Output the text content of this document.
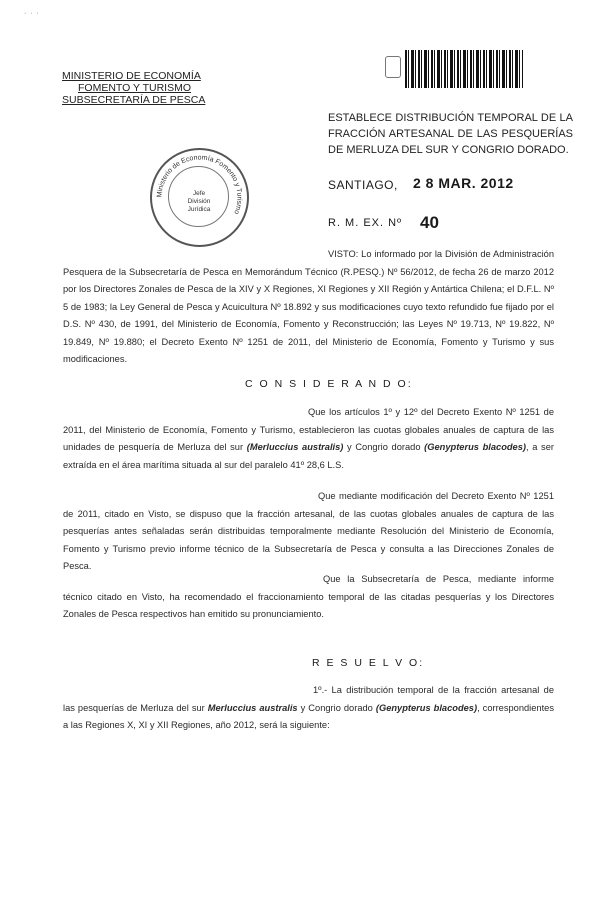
· · ·
MINISTERIO DE ECONOMÍA
FOMENTO Y TURISMO
SUBSECRETARÍA DE PESCA
ESTABLECE DISTRIBUCIÓN TEMPORAL DE LA FRACCIÓN ARTESANAL DE LAS PESQUERÍAS DE MERLUZA DEL SUR Y CONGRIO DORADO.
Ministerio de Economía Fomento y Turismo
Jefe División Jurídica
SANTIAGO, 2 8 MAR. 2012
R. M. EX. Nº 40
VISTO: Lo informado por la División de Administración Pesquera de la Subsecretaría de Pesca en Memorándum Técnico (R.PESQ.) Nº 56/2012, de fecha 26 de marzo 2012 por los Directores Zonales de Pesca de la XIV y X Regiones, XI Regiones y XII Región y Antártica Chilena; el D.F.L. Nº 5 de 1983; la Ley General de Pesca y Acuicultura Nº 18.892 y sus modificaciones cuyo texto refundido fue fijado por el D.S. Nº 430, de 1991, del Ministerio de Economía, Fomento y Reconstrucción; las Leyes Nº 19.713, Nº 19.822, Nº 19.849, Nº 19.880; el Decreto Exento Nº 1251 de 2011, del Ministerio de Economía, Fomento y Turismo y sus modificaciones.
C O N S I D E R A N D O:
Que los artículos 1º y 12º del Decreto Exento Nº 1251 de 2011, del Ministerio de Economía, Fomento y Turismo, establecieron las cuotas globales anuales de captura de las unidades de pesquería de Merluza del sur (Merluccius australis) y Congrio dorado (Genypterus blacodes), a ser extraída en el área marítima situada al sur del paralelo 41º 28,6 L.S.
Que mediante modificación del Decreto Exento Nº 1251 de 2011, citado en Visto, se dispuso que la fracción artesanal, de las cuotas globales anuales de captura de las pesquerías antes señaladas serán distribuidas temporalmente mediante Resolución del Ministerio de Economía, Fomento y Turismo previo informe técnico de la Subsecretaría de Pesca y consulta a las Direcciones Zonales de Pesca.
Que la Subsecretaría de Pesca, mediante informe técnico citado en Visto, ha recomendado el fraccionamiento temporal de las citadas pesquerías y los Directores Zonales de Pesca respectivos han emitido su pronunciamiento.
R E S U E L V O:
1º.- La distribución temporal de la fracción artesanal de las pesquerías de Merluza del sur Merluccius australis y Congrio dorado (Genypterus blacodes), correspondientes a las Regiones X, XI y XII Regiones, año 2012, será la siguiente:
